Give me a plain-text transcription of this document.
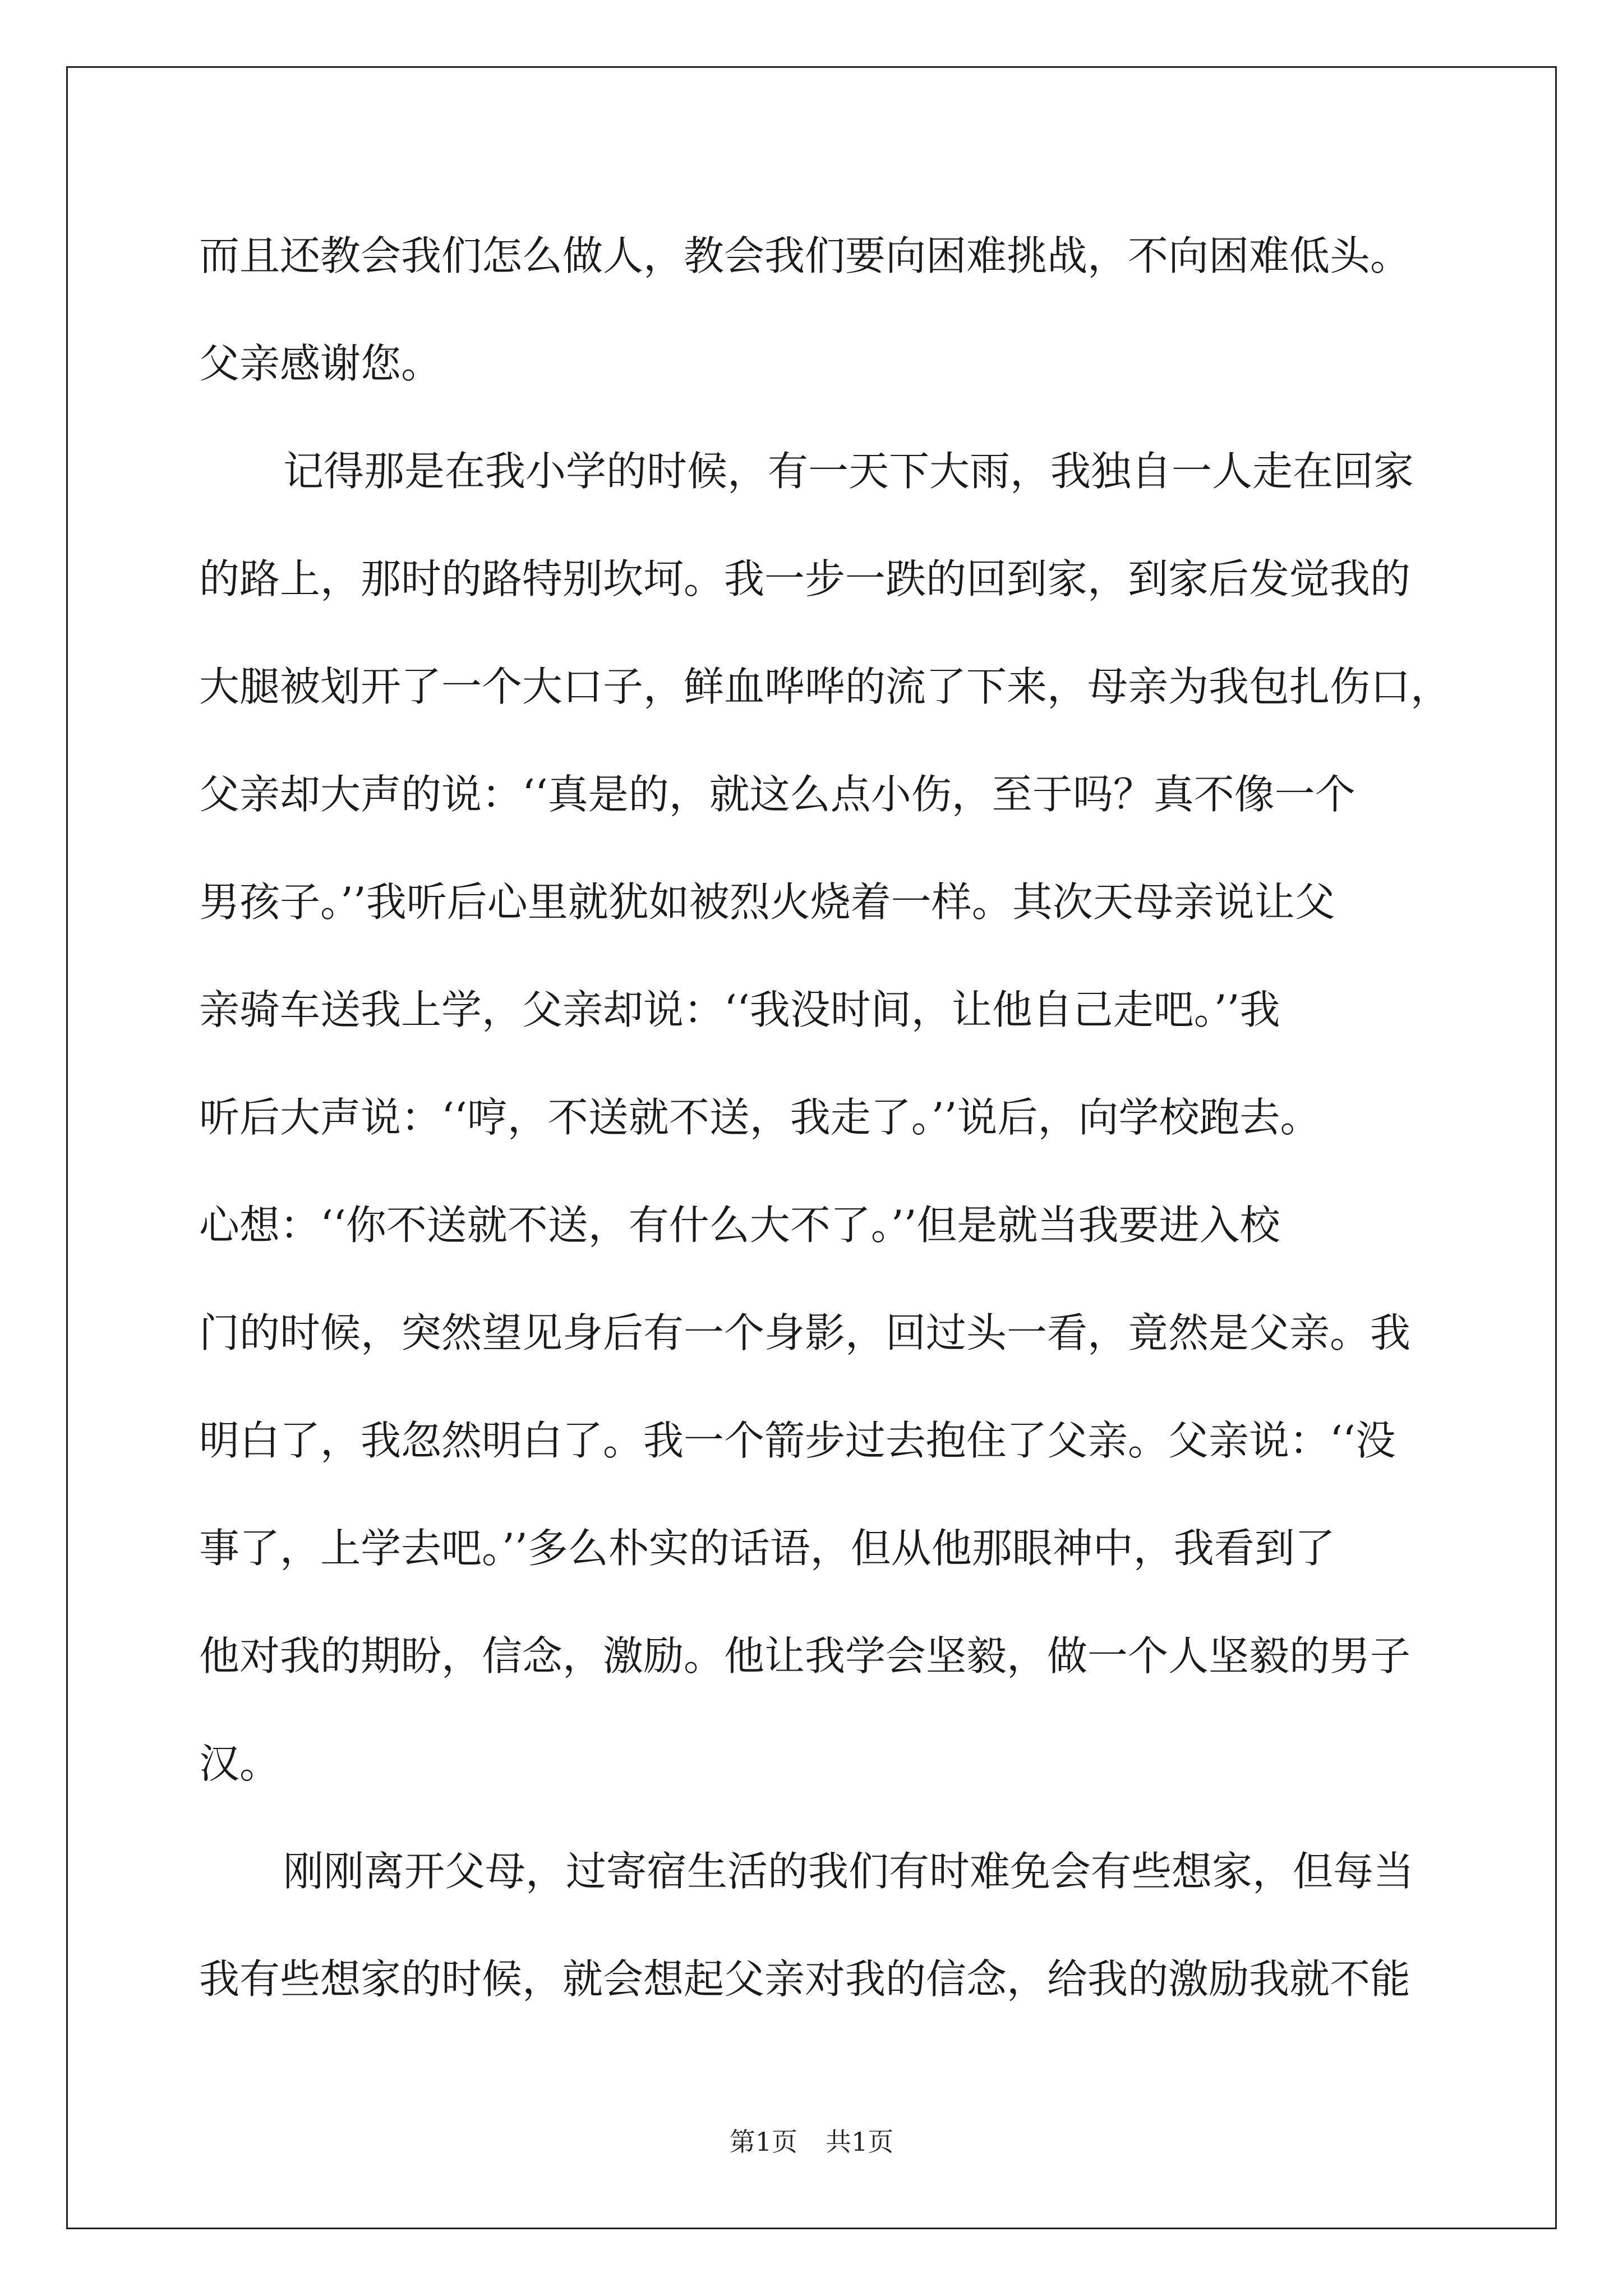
而且还教会我们怎么做人，教会我们要向困难挑战，不向困难低头。
父亲感谢您。
记得那是在我小学的时候，有一天下大雨，我独自一人走在回家
的路上，那时的路特别坎坷。我一步一跌的回到家，到家后发觉我的
大腿被划开了一个大口子，鲜血哗哗的流了下来，母亲为我包扎伤口，
父亲却大声的说：‘‘真是的，就这么点小伤，至于吗？真不像一个
男孩子。’’我听后心里就犹如被烈火烧着一样。其次天母亲说让父
亲骑车送我上学，父亲却说：‘‘我没时间，让他自己走吧。’’我
听后大声说：‘‘哼，不送就不送，我走了。’’说后，向学校跑去。
心想：‘‘你不送就不送，有什么大不了。’’但是就当我要进入校
门的时候，突然望见身后有一个身影，回过头一看，竟然是父亲。我
明白了，我忽然明白了。我一个箭步过去抱住了父亲。父亲说：‘‘没
事了，上学去吧。’’多么朴实的话语，但从他那眼神中，我看到了
他对我的期盼，信念，激励。他让我学会坚毅，做一个人坚毅的男子
汉。
刚刚离开父母，过寄宿生活的我们有时难免会有些想家，但每当
我有些想家的时候，就会想起父亲对我的信念，给我的激励我就不能
第1页 共1页
